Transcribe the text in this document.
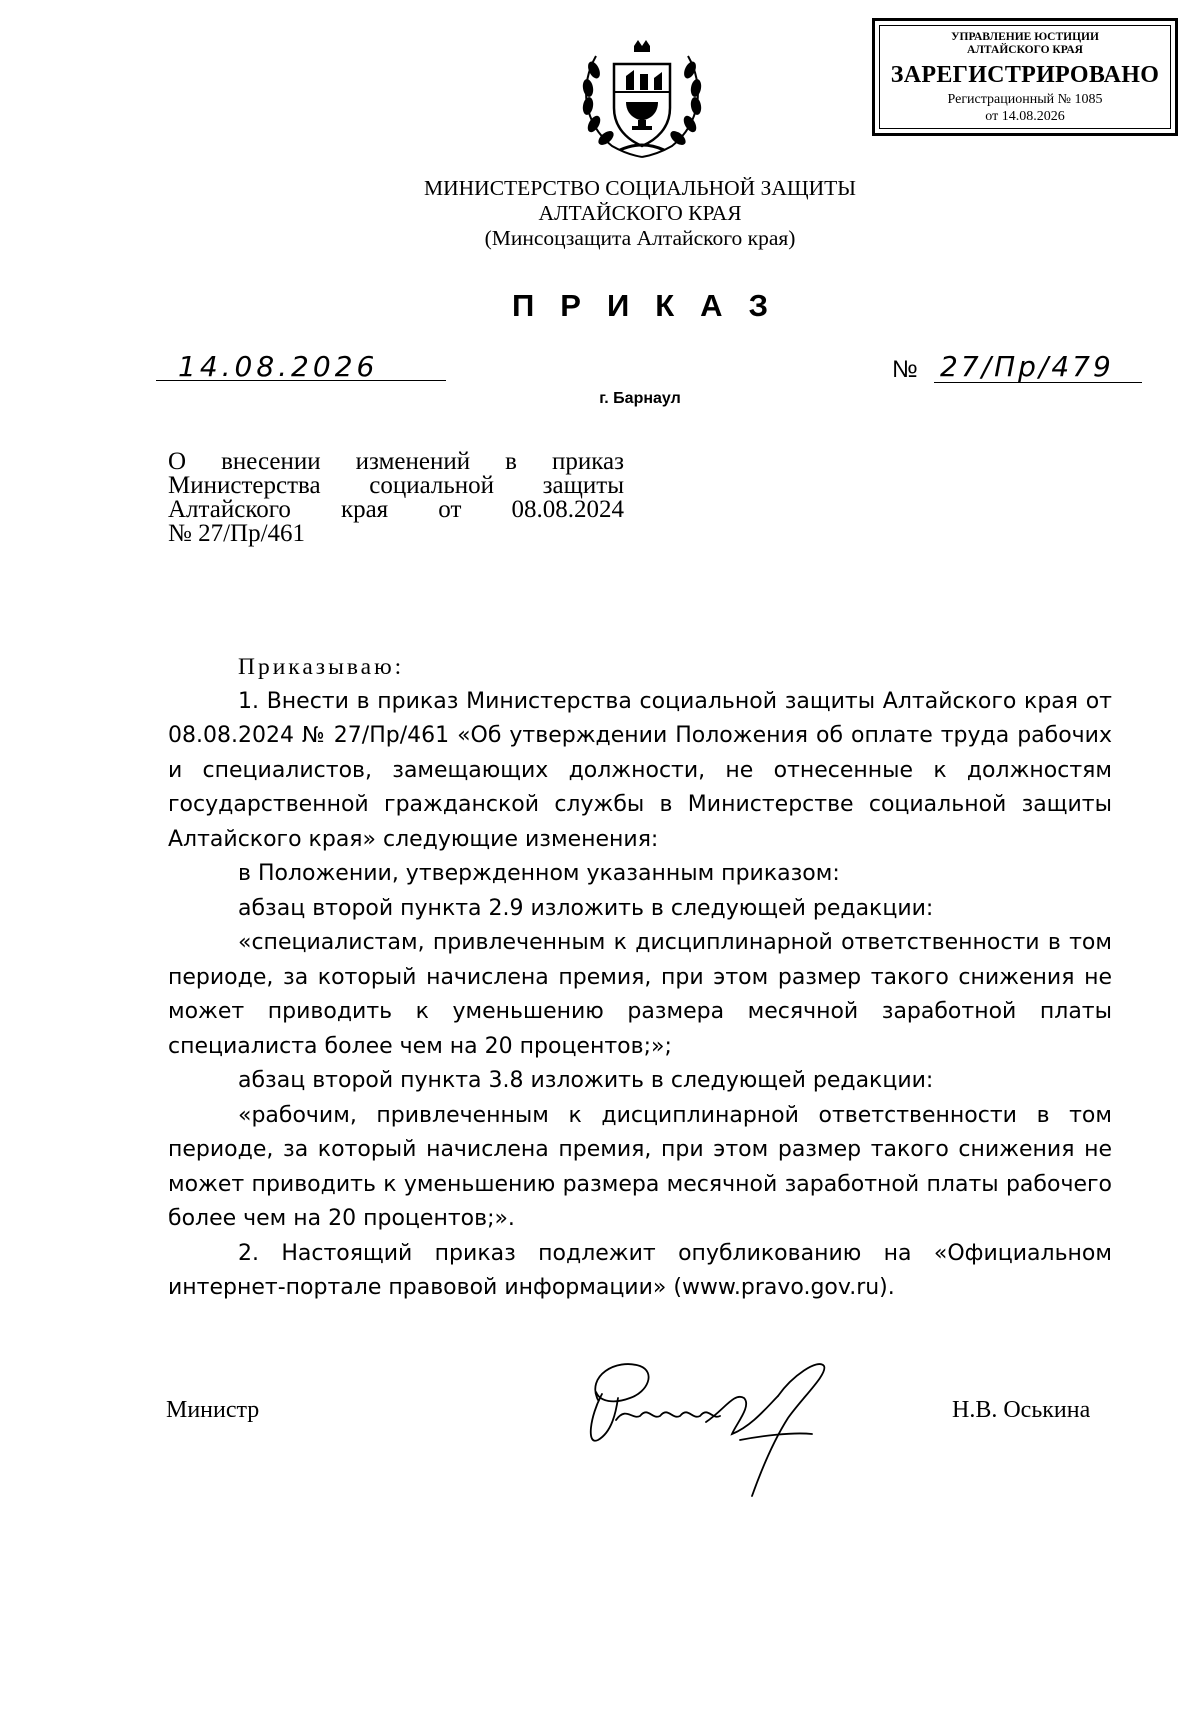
УПРАВЛЕНИЕ ЮСТИЦИИ
АЛТАЙСКОГО КРАЯ
ЗАРЕГИСТРИРОВАНО
Регистрационный № 1085
от 14.08.2026
МИНИСТЕРСТВО СОЦИАЛЬНОЙ ЗАЩИТЫ
АЛТАЙСКОГО КРАЯ
(Минсоцзащита Алтайского края)
ПРИКАЗ
14.08.2026	№ 27/Пр/479
г. Барнаул
О внесении изменений в приказ
Министерства социальной защиты
Алтайского края от 08.08.2024
№ 27/Пр/461

Приказываю:

1. Внести в приказ Министерства социальной защиты Алтайского края от 08.08.2024 № 27/Пр/461 «Об утверждении Положения об оплате труда рабочих и специалистов, замещающих должности, не отнесенные к должностям государственной гражданской службы в Министерстве социальной защиты Алтайского края» следующие изменения:

в Положении, утвержденном указанным приказом:

абзац второй пункта 2.9 изложить в следующей редакции:

«специалистам, привлеченным к дисциплинарной ответственности в том периоде, за который начислена премия, при этом размер такого снижения не может приводить к уменьшению размера месячной заработной платы специалиста более чем на 20 процентов;»;

абзац второй пункта 3.8 изложить в следующей редакции:

«рабочим, привлеченным к дисциплинарной ответственности в том периоде, за который начислена премия, при этом размер такого снижения не может приводить к уменьшению размера месячной заработной платы рабочего более чем на 20 процентов;».

2. Настоящий приказ подлежит опубликованию на «Официальном интернет-портале правовой информации» (www.pravo.gov.ru).

Министр	Н.В. Оськина
